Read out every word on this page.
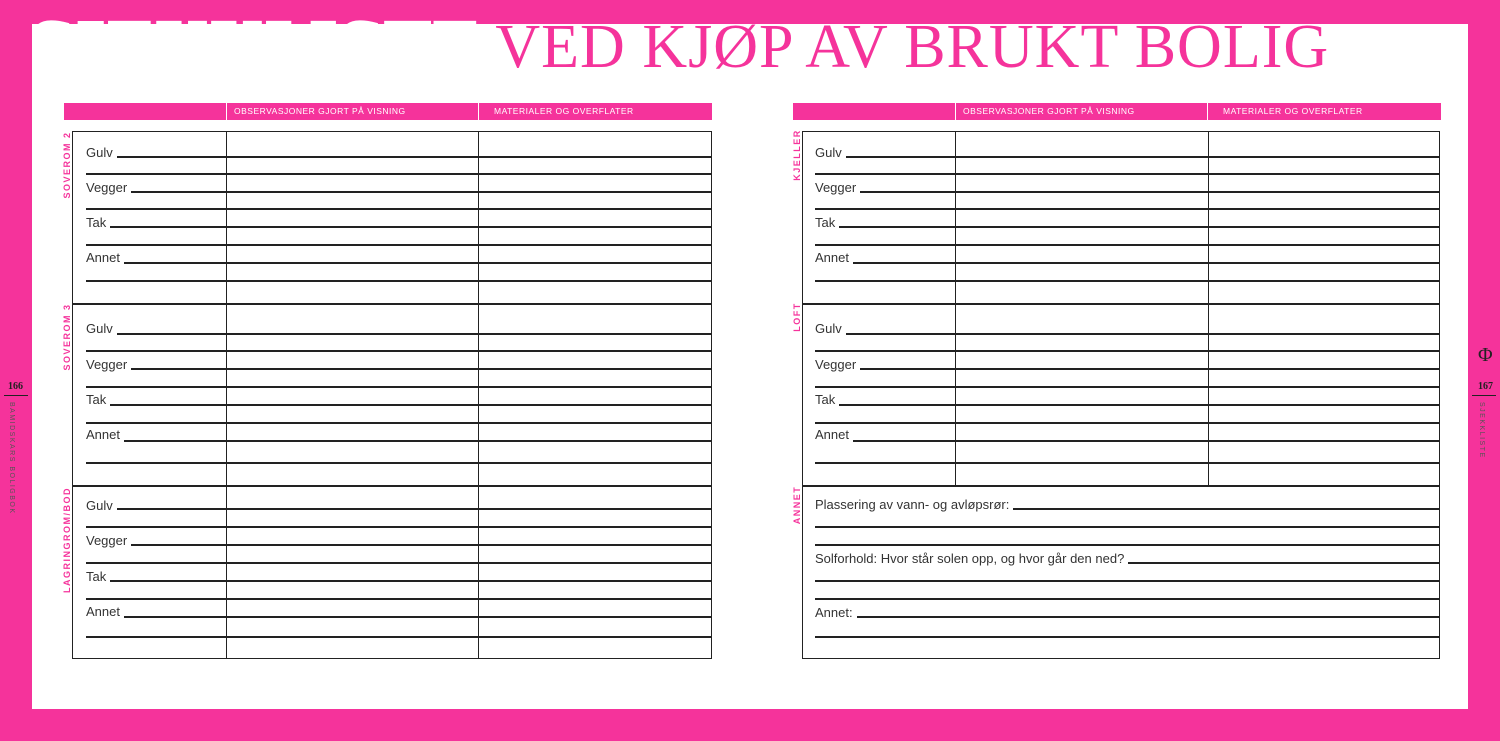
SJEKKLISTE VED KJØP AV BRUKT BOLIG
OBSERVASJONER GJORT PÅ VISNING	MATERIALER OG OVERFLATER
SOVEROM 2
SOVEROM 3
LAGRINGROM/BOD
Gulv
Vegger
Tak
Annet
Gulv
Vegger
Tak
Annet
Gulv
Vegger
Tak
Annet
OBSERVASJONER GJORT PÅ VISNING	MATERIALER OG OVERFLATER
KJELLER
LOFT
ANNET
Gulv
Vegger
Tak
Annet
Gulv
Vegger
Tak
Annet
Plassering av vann- og avløpsrør:
Solforhold: Hvor står solen opp, og hvor går den ned?
Annet:
166
BAMIDSKARS BOLIGBOK
167
SJEKKLISTE
Φ
